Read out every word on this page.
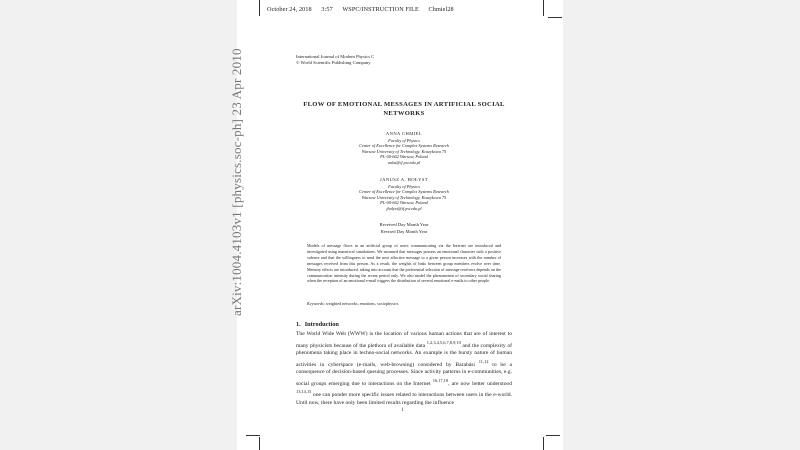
October 24, 2018 3:57 WSPC/INSTRUCTION FILE Chmiel28
arXiv:1004.4103v1 [physics.soc-ph] 23 Apr 2010	International Journal of Modern Physics C
© World Scientific Publishing Company
FLOW OF EMOTIONAL MESSAGES IN ARTIFICIAL SOCIAL NETWORKS
ANNA CHMIEL
Faculty of Physics
Center of Excellence for Complex Systems Research
Warsaw University of Technology, Koszykowa 75
PL-00-662 Warsaw, Poland
anka@if.pw.edu.pl
JANUSZ A. HOŁYST
Faculty of Physics
Center of Excellence for Complex Systems Research
Warsaw University of Technology, Koszykowa 75
PL-00-662 Warsaw, Poland
jholyst@if.pw.edu.pl
Received Day Month Year
Revised Day Month Year
Models of message flows in an artificial group of users communicating via the Internet are introduced and investigated using numerical simulations. We assumed that messages possess an emotional character with a positive valence and that the willingness to send the next affective message to a given person increases with the number of messages received from this person. As a result, the weights of links between group members evolve over time. Memory effects are introduced, taking into account that the preferential selection of message receivers depends on the communication intensity during the recent period only. We also model the phenomenon of secondary social sharing when the reception of an emotional e-mail triggers the distribution of several emotional e-mails to other people.
Keywords: weighted networks, emotions, sociophysics
1. Introduction
The World Wide Web (WWW) is the location of various human actions that are of interest to many physicists because of the plethora of available data $^{1,2,3,4,5,6,7,8,9,10}$ and the complexity of phenomena taking place in techno-social networks. An example is the bursty nature of human activities in cyberspace (e-mails, web-browsing) considered by Barabási $^{11,12}$ to be a consequence of decision-based queuing processes. Since activity patterns in e-communities, e.g. social groups emerging due to interactions on the Internet $^{16,17,18}$, are now better understood $^{13,14,15}$ one can ponder more specific issues related to interactions between users in the e-world. Until now, there have only been limited results regarding the influence
1
